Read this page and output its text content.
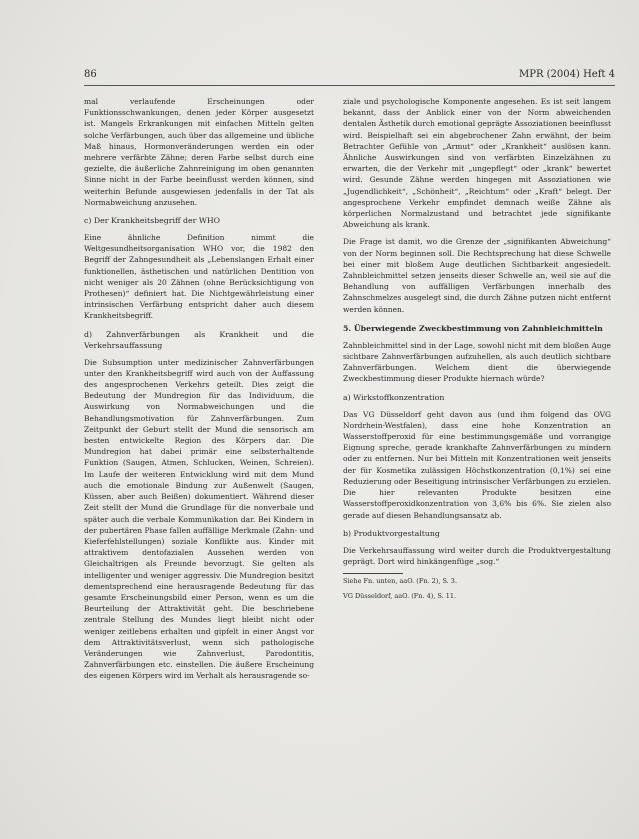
86	MPR (2004) Heft 4

mal verlaufende Erscheinungen oder Funktionsschwankungen, denen jeder Körper ausgesetzt ist. Mangels Erkrankungen mit einfachen Mitteln gelten solche Verfärbungen, auch über das allgemeine und übliche Maß hinaus, Hormonveränderungen werden ein oder mehrere verfärbte Zähne; deren Farbe selbst durch eine gezielte, die äußerliche Zahnreinigung im oben genannten Sinne nicht in der Farbe beeinflusst werden können, sind weiterhin Befunde ausgewiesen jedenfalls in der Tat als Normabweichung anzusehen.

c) Der Krankheitsbegriff der WHO

Eine ähnliche Definition nimmt die Weltgesundheitsorganisation WHO vor, die 1982 den Begriff der Zahngesundheit als „Lebenslangen Erhalt einer funktionellen, ästhetischen und natürlichen Dentition von nicht weniger als 20 Zähnen (ohne Berücksichtigung von Prothesen)“ definiert hat. Die Nichtgewährleistung einer intrinsischen Verfärbung entspricht daher auch diesem Krankheitsbegriff.

d) Zahnverfärbungen als Krankheit und die Verkehrsauffassung

Die Subsumption unter medizinischer Zahnverfärbungen unter den Krankheitsbegriff wird auch von der Auffassung des angesprochenen Verkehrs geteilt. Dies zeigt die Bedeutung der Mundregion für das Individuum, die Auswirkung von Normabweichungen und die Behandlungsmotivation für Zahnverfärbungen. Zum Zeitpunkt der Geburt stellt der Mund die sensorisch am besten entwickelte Region des Körpers dar. Die Mundregion hat dabei primär eine selbsterhaltende Funktion (Saugen, Atmen, Schlucken, Weinen, Schreien). Im Laufe der weiteren Entwicklung wird mit dem Mund auch die emotionale Bindung zur Außenwelt (Saugen, Küssen, aber auch Beißen) dokumentiert. Während dieser Zeit stellt der Mund die Grundlage für die nonverbale und später auch die verbale Kommunikation dar. Bei Kindern in der pubertären Phase fallen auffällige Merkmale (Zahn- und Kieferfehlstellungen) soziale Konflikte aus. Kinder mit attraktivem dentofazialen Aussehen werden von Gleichaltrigen als Freunde bevorzugt. Sie gelten als intelligenter und weniger aggressiv. Die Mundregion besitzt dementsprechend eine herausragende Bedeutung für das gesamte Erscheinungsbild einer Person, wenn es um die Beurteilung der Attraktivität geht. Die beschriebene zentrale Stellung des Mundes liegt bleibt nicht oder weniger zeitlebens erhalten und gipfelt in einer Angst vor dem Attraktivitätsverlust, wenn sich pathologische Veränderungen wie Zahnverlust, Parodontitis, Zahnverfärbungen etc. einstellen. Die äußere Erscheinung des eigenen Körpers wird im Verhalt als herausragende so-

ziale und psychologische Komponente angesehen. Es ist seit langem bekannt, dass der Anblick einer von der Norm abweichenden dentalen Ästhetik durch emotional geprägte Assoziationen beeinflusst wird. Beispielhaft sei ein abgebrochener Zahn erwähnt, der beim Betrachter Gefühle von „Armut“ oder „Krankheit“ auslösen kann. Ähnliche Auswirkungen sind von verfärbten Einzelzähnen zu erwarten, die der Verkehr mit „ungepflegt“ oder „krank“ bewertet wird. Gesunde Zähne werden hingegen mit Assoziationen wie „Jugendlichkeit“, „Schönheit“, „Reichtum“ oder „Kraft“ belegt. Der angesprochene Verkehr empfindet demnach weiße Zähne als körperlichen Normalzustand und betrachtet jede signifikante Abweichung als krank.

Die Frage ist damit, wo die Grenze der „signifikanten Abweichung“ von der Norm beginnen soll. Die Rechtsprechung hat diese Schwelle bei einer mit bloßem Auge deutlichen Sichtbarkeit angesiedelt. Zahnbleichmittel setzen jenseits dieser Schwelle an, weil sie auf die Behandlung von auffälligen Verfärbungen innerhalb des Zahnschmelzes ausgelegt sind, die durch Zähne putzen nicht entfernt werden können.

5. Überwiegende Zweckbestimmung von Zahnbleichmitteln

Zahnbleichmittel sind in der Lage, sowohl nicht mit dem bloßen Auge sichtbare Zahnverfärbungen aufzuhellen, als auch deutlich sichtbare Zahnverfärbungen. Welchem dient die überwiegende Zweckbestimmung dieser Produkte hiernach würde?

a) Wirkstoffkonzentration

Das VG Düsseldorf geht davon aus (und ihm folgend das OVG Nordrhein-Westfalen), dass eine hohe Konzentration an Wasserstoffperoxid für eine bestimmungsgemäße und vorrangige Eignung spreche, gerade krankhafte Zahnverfärbungen zu mindern oder zu entfernen. Nur bei Mitteln mit Konzentrationen weit jenseits der für Kosmetika zulässigen Höchstkonzentration (0,1%) sei eine Reduzierung oder Beseitigung intrinsischer Verfärbungen zu erzielen. Die hier relevanten Produkte besitzen eine Wasserstoffperoxidkonzentration von 3,6% bis 6%. Sie zielen also gerade auf diesen Behandlungsansatz ab.

b) Produktvorgestaltung

Die Verkehrsauffassung wird weiter durch die Produktvergestaltung geprägt. Dort wird hinkängenfüge „sog.“

Siehe Fn. unten, aaO. (Fn. 2), S. 3.

VG Düsseldorf, aaO. (Fn. 4), S. 11.
